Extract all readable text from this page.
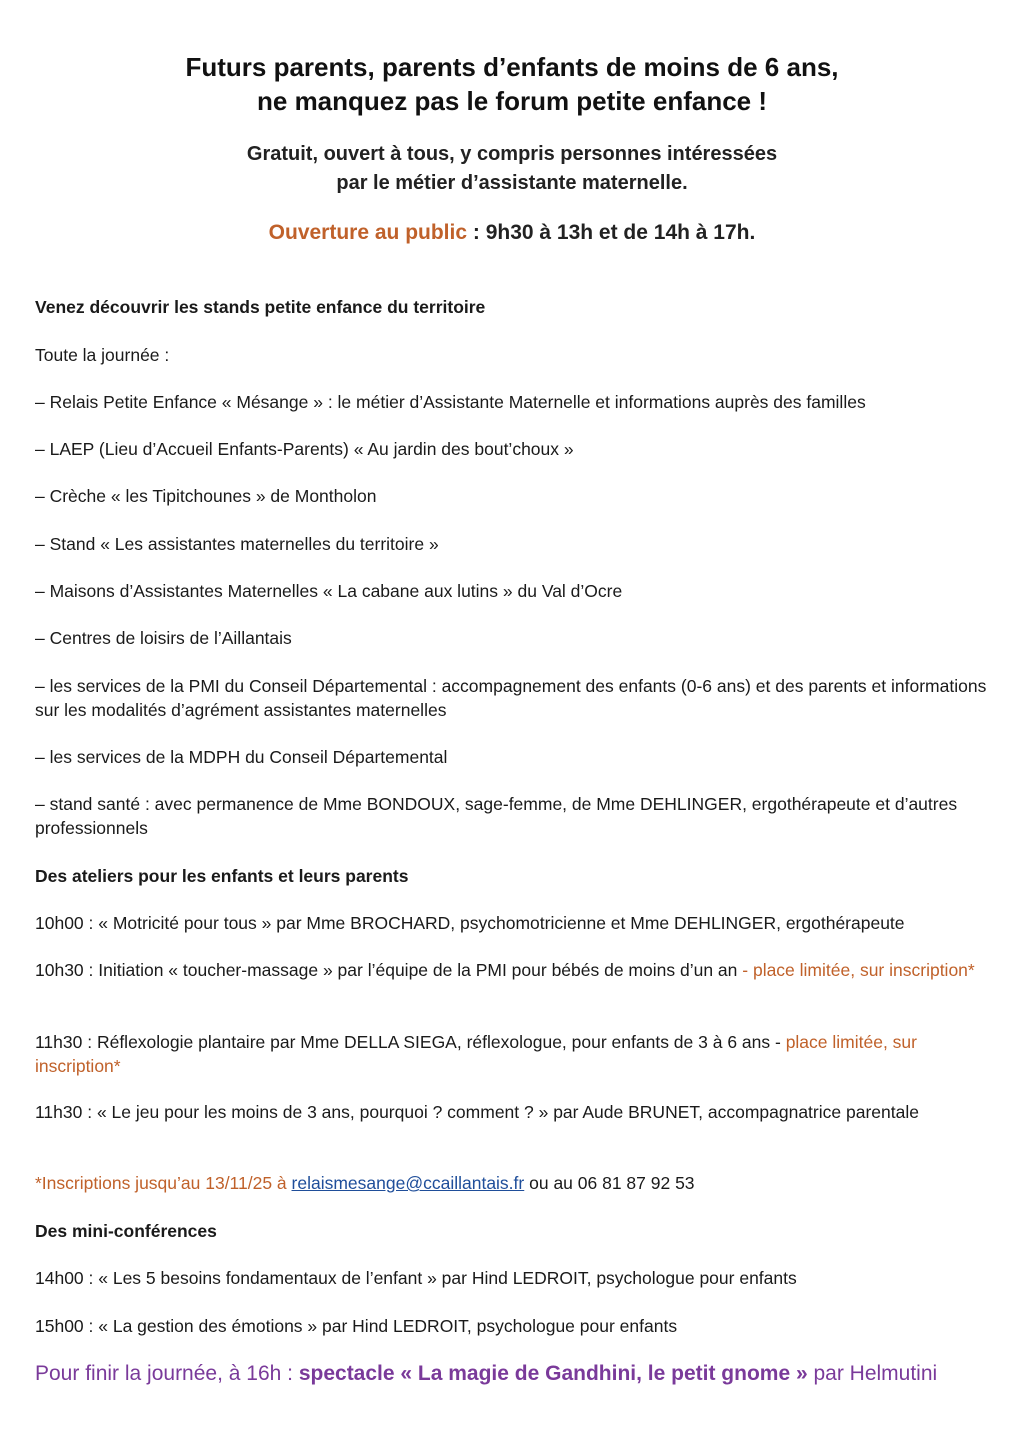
Futurs parents, parents d’enfants de moins de 6 ans,
ne manquez pas le forum petite enfance !
Gratuit, ouvert à tous, y compris personnes intéressées
par le métier d’assistante maternelle.
Ouverture au public : 9h30 à 13h et de 14h à 17h.
Venez découvrir les stands petite enfance du territoire
Toute la journée :
– Relais Petite Enfance « Mésange » : le métier d’Assistante Maternelle et informations auprès des familles
– LAEP (Lieu d’Accueil Enfants-Parents) « Au jardin des bout’choux »
– Crèche « les Tipitchounes » de Montholon
– Stand « Les assistantes maternelles du territoire »
– Maisons d’Assistantes Maternelles « La cabane aux lutins » du Val d’Ocre
– Centres de loisirs de l’Aillantais
– les services de la PMI du Conseil Départemental : accompagnement des enfants (0-6 ans) et des parents et informations sur les modalités d’agrément assistantes maternelles
– les services de la MDPH du Conseil Départemental
– stand santé : avec permanence de Mme BONDOUX, sage-femme, de Mme DEHLINGER, ergothérapeute et d’autres professionnels
Des ateliers pour les enfants et leurs parents
10h00 : « Motricité pour tous » par Mme BROCHARD, psychomotricienne et Mme DEHLINGER, ergothérapeute
10h30 : Initiation « toucher-massage » par l’équipe de la PMI pour bébés de moins d’un an - place limitée, sur inscription*
11h30 : Réflexologie plantaire par Mme DELLA SIEGA, réflexologue, pour enfants de 3 à 6 ans - place limitée, sur inscription*
11h30 : « Le jeu pour les moins de 3 ans, pourquoi ? comment ? » par Aude BRUNET, accompagnatrice parentale
*Inscriptions jusqu’au 13/11/25 à relaismesange@ccaillantais.fr ou au 06 81 87 92 53
Des mini-conférences
14h00 : « Les 5 besoins fondamentaux de l’enfant » par Hind LEDROIT, psychologue pour enfants
15h00 : « La gestion des émotions » par Hind LEDROIT, psychologue pour enfants
Pour finir la journée, à 16h : spectacle « La magie de Gandhini, le petit gnome » par Helmutini
